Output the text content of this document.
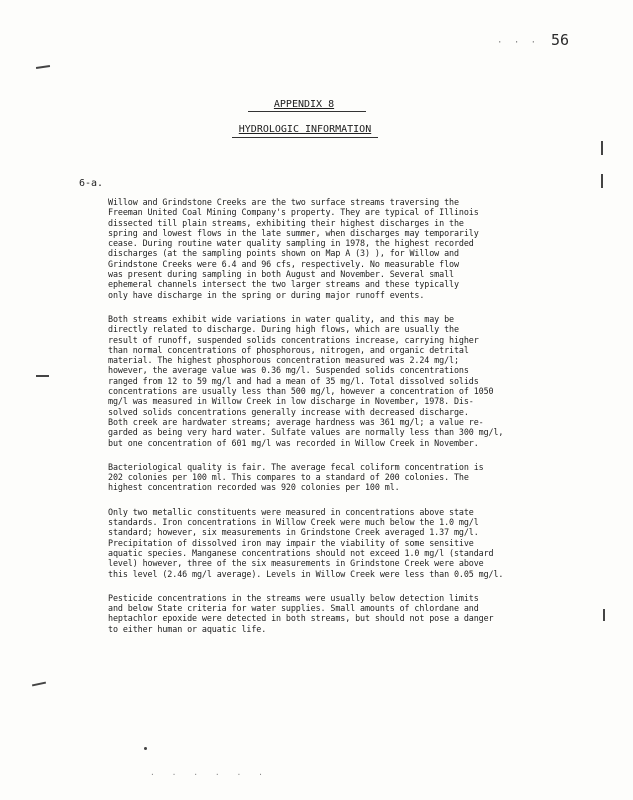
· · · 56
APPENDIX 8
HYDROLOGIC INFORMATION
6-a.

Willow and Grindstone Creeks are the two surface streams traversing the
Freeman United Coal Mining Company's property. They are typical of Illinois
dissected till plain streams, exhibiting their highest discharges in the
spring and lowest flows in the late summer, when discharges may temporarily
cease. During routine water quality sampling in 1978, the highest recorded
discharges (at the sampling points shown on Map A (3) ), for Willow and
Grindstone Creeks were 6.4 and 96 cfs, respectively. No measurable flow
was present during sampling in both August and November. Several small
ephemeral channels intersect the two larger streams and these typically
only have discharge in the spring or during major runoff events.

Both streams exhibit wide variations in water quality, and this may be
directly related to discharge. During high flows, which are usually the
result of runoff, suspended solids concentrations increase, carrying higher
than normal concentrations of phosphorous, nitrogen, and organic detrital
material. The highest phosphorous concentration measured was 2.24 mg/l;
however, the average value was 0.36 mg/l. Suspended solids concentrations
ranged from 12 to 59 mg/l and had a mean of 35 mg/l. Total dissolved solids
concentrations are usually less than 500 mg/l, however a concentration of 1050
mg/l was measured in Willow Creek in low discharge in November, 1978. Dis-
solved solids concentrations generally increase with decreased discharge.
Both creek are hardwater streams; average hardness was 361 mg/l; a value re-
garded as being very hard water. Sulfate values are normally less than 300 mg/l,
but one concentration of 601 mg/l was recorded in Willow Creek in November.

Bacteriological quality is fair. The average fecal coliform concentration is
202 colonies per 100 ml. This compares to a standard of 200 colonies. The
highest concentration recorded was 920 colonies per 100 ml.

Only two metallic constituents were measured in concentrations above state
standards. Iron concentrations in Willow Creek were much below the 1.0 mg/l
standard; however, six measurements in Grindstone Creek averaged 1.37 mg/l.
Precipitation of dissolved iron may impair the viability of some sensitive
aquatic species. Manganese concentrations should not exceed 1.0 mg/l (standard
level) however, three of the six measurements in Grindstone Creek were above
this level (2.46 mg/l average). Levels in Willow Creek were less than 0.05 mg/l.

Pesticide concentrations in the streams were usually below detection limits
and below State criteria for water supplies. Small amounts of chlordane and
heptachlor epoxide were detected in both streams, but should not pose a danger
to either human or aquatic life.

· · · · · ·
